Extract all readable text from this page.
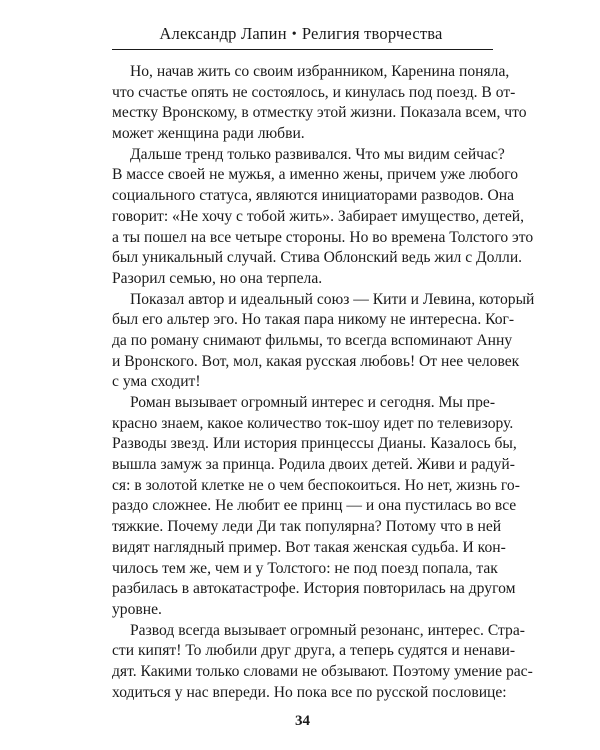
Александр Лапин • Религия творчества
Но, начав жить со своим избранником, Каренина поняла,
что счастье опять не состоялось, и кинулась под поезд. В от-
местку Вронскому, в отместку этой жизни. Показала всем, что
может женщина ради любви.
Дальше тренд только развивался. Что мы видим сейчас?
В массе своей не мужья, а именно жены, причем уже любого
социального статуса, являются инициаторами разводов. Она
говорит: «Не хочу с тобой жить». Забирает имущество, детей,
а ты пошел на все четыре стороны. Но во времена Толстого это
был уникальный случай. Стива Облонский ведь жил с Долли.
Разорил семью, но она терпела.
Показал автор и идеальный союз — Кити и Левина, который
был его альтер эго. Но такая пара никому не интересна. Ког-
да по роману снимают фильмы, то всегда вспоминают Анну
и Вронского. Вот, мол, какая русская любовь! От нее человек
с ума сходит!
Роман вызывает огромный интерес и сегодня. Мы пре-
красно знаем, какое количество ток-шоу идет по телевизору.
Разводы звезд. Или история принцессы Дианы. Казалось бы,
вышла замуж за принца. Родила двоих детей. Живи и радуй-
ся: в золотой клетке не о чем беспокоиться. Но нет, жизнь го-
раздо сложнее. Не любит ее принц — и она пустилась во все
тяжкие. Почему леди Ди так популярна? Потому что в ней
видят наглядный пример. Вот такая женская судьба. И кон-
чилось тем же, чем и у Толстого: не под поезд попала, так
разбилась в автокатастрофе. История повторилась на другом
уровне.
Развод всегда вызывает огромный резонанс, интерес. Стра-
сти кипят! То любили друг друга, а теперь судятся и ненави-
дят. Какими только словами не обзывают. Поэтому умение рас-
ходиться у нас впереди. Но пока все по русской пословице:
34
